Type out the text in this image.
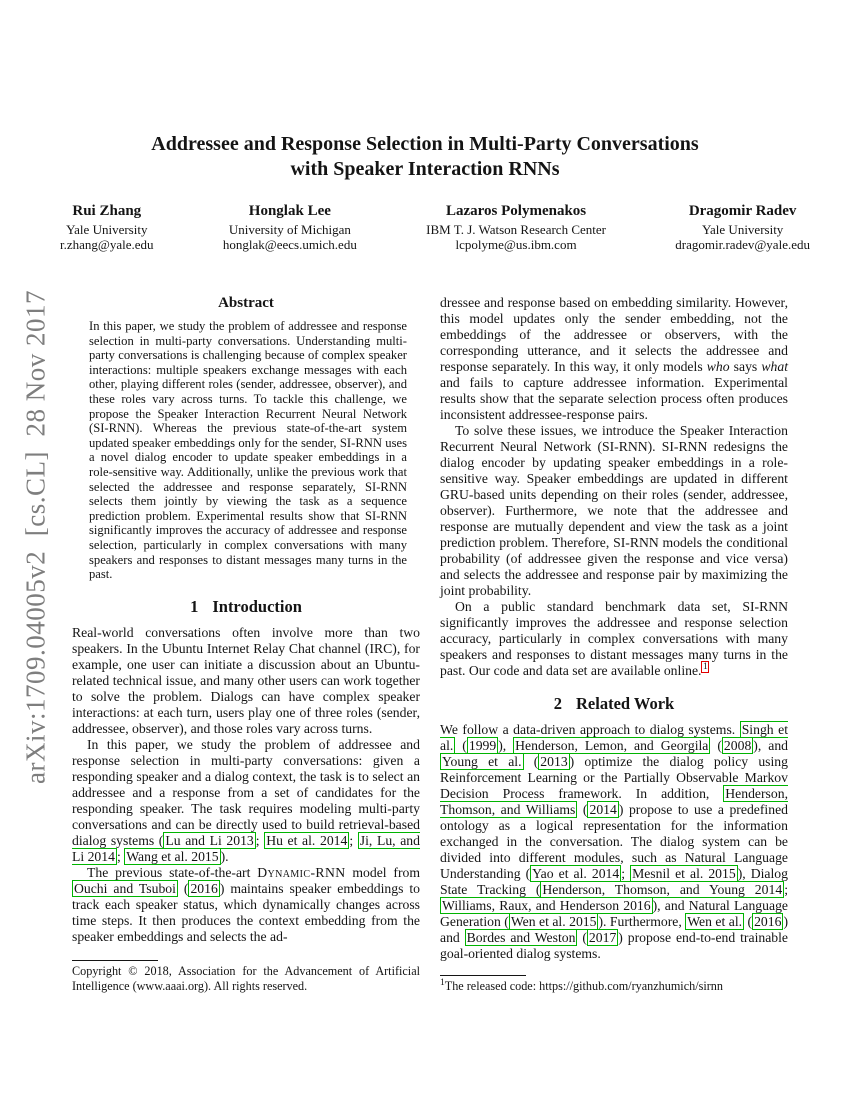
arXiv:1709.04005v2  [cs.CL]  28 Nov 2017
Addressee and Response Selection in Multi-Party Conversations
with Speaker Interaction RNNs
Rui Zhang
Yale University
r.zhang@yale.edu
Honglak Lee
University of Michigan
honglak@eecs.umich.edu
Lazaros Polymenakos
IBM T. J. Watson Research Center
lcpolyme@us.ibm.com
Dragomir Radev
Yale University
dragomir.radev@yale.edu
Abstract
In this paper, we study the problem of addressee and response selection in multi-party conversations. Understanding multi-party conversations is challenging because of complex speaker interactions: multiple speakers exchange messages with each other, playing different roles (sender, addressee, observer), and these roles vary across turns. To tackle this challenge, we propose the Speaker Interaction Recurrent Neural Network (SI-RNN). Whereas the previous state-of-the-art system updated speaker embeddings only for the sender, SI-RNN uses a novel dialog encoder to update speaker embeddings in a role-sensitive way. Additionally, unlike the previous work that selected the addressee and response separately, SI-RNN selects them jointly by viewing the task as a sequence prediction problem. Experimental results show that SI-RNN significantly improves the accuracy of addressee and response selection, particularly in complex conversations with many speakers and responses to distant messages many turns in the past.
1 Introduction
Real-world conversations often involve more than two speakers. In the Ubuntu Internet Relay Chat channel (IRC), for example, one user can initiate a discussion about an Ubuntu-related technical issue, and many other users can work together to solve the problem. Dialogs can have complex speaker interactions: at each turn, users play one of three roles (sender, addressee, observer), and those roles vary across turns.
In this paper, we study the problem of addressee and response selection in multi-party conversations: given a responding speaker and a dialog context, the task is to select an addressee and a response from a set of candidates for the responding speaker. The task requires modeling multi-party conversations and can be directly used to build retrieval-based dialog systems ( Lu and Li 2013 ; Hu et al. 2014 ; Ji, Lu, and Li 2014 ; Wang et al. 2015 ).
The previous state-of-the-art Dynamic-RNN model from Ouchi and Tsuboi ( 2016 ) maintains speaker embeddings to track each speaker status, which dynamically changes across time steps. It then produces the context embedding from the speaker embeddings and selects the ad-
Copyright © 2018, Association for the Advancement of Artificial Intelligence (www.aaai.org). All rights reserved.
dressee and response based on embedding similarity. However, this model updates only the sender embedding, not the embeddings of the addressee or observers, with the corresponding utterance, and it selects the addressee and response separately. In this way, it only models who says what and fails to capture addressee information. Experimental results show that the separate selection process often produces inconsistent addressee-response pairs.
To solve these issues, we introduce the Speaker Interaction Recurrent Neural Network (SI-RNN). SI-RNN redesigns the dialog encoder by updating speaker embeddings in a role-sensitive way. Speaker embeddings are updated in different GRU-based units depending on their roles (sender, addressee, observer). Furthermore, we note that the addressee and response are mutually dependent and view the task as a joint prediction problem. Therefore, SI-RNN models the conditional probability (of addressee given the response and vice versa) and selects the addressee and response pair by maximizing the joint probability.
On a public standard benchmark data set, SI-RNN significantly improves the addressee and response selection accuracy, particularly in complex conversations with many speakers and responses to distant messages many turns in the past. Our code and data set are available online. $^1$
2 Related Work
We follow a data-driven approach to dialog systems. Singh et al. ( 1999 ), Henderson, Lemon, and Georgila ( 2008 ), and Young et al. ( 2013 ) optimize the dialog policy using Reinforcement Learning or the Partially Observable Markov Decision Process framework. In addition, Henderson, Thomson, and Williams ( 2014 ) propose to use a predefined ontology as a logical representation for the information exchanged in the conversation. The dialog system can be divided into different modules, such as Natural Language Understanding ( Yao et al. 2014 ; Mesnil et al. 2015 ), Dialog State Tracking ( Henderson, Thomson, and Young 2014 ; Williams, Raux, and Henderson 2016 ), and Natural Language Generation ( Wen et al. 2015 ). Furthermore, Wen et al. ( 2016 ) and Bordes and Weston ( 2017 ) propose end-to-end trainable goal-oriented dialog systems.
$^1$The released code: https://github.com/ryanzhumich/sirnn
